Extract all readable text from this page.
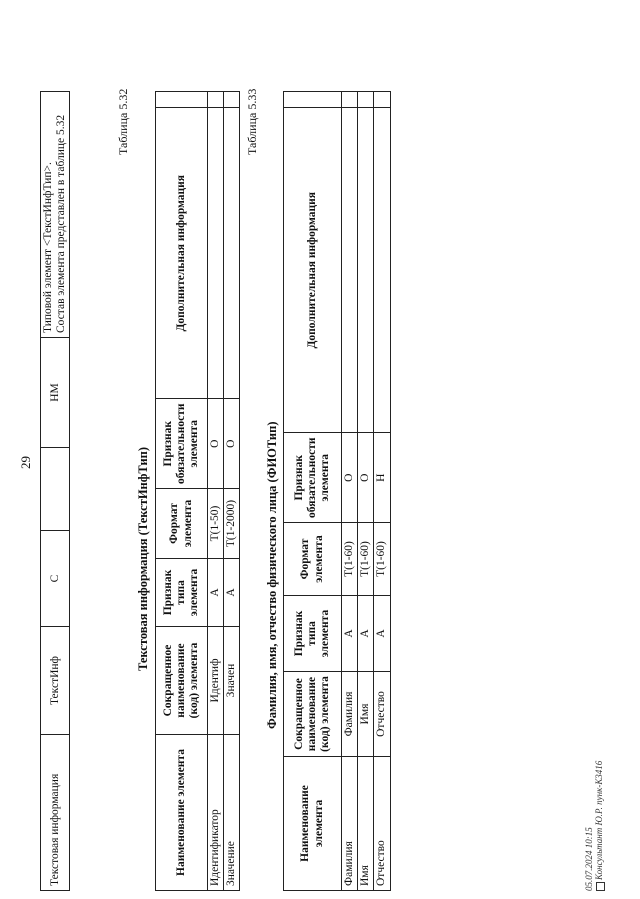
29
Текстовая информация	ТекстИнф	С		НМ	
Типовой элемент <ТекстИнфТип>. Состав элемента представлен в таблице 5.32	Таблица 5.32
Текстовая информация (ТекстИнфТип)
Наименование элемента	Сокращенное наименование (код) элемента	Признак типа элемента	Формат элемента	Признак обязательности элемента	Дополнительная информация	
Идентификатор	Идентиф	А	Т(1-50)	О		
Значение	Значен	А	Т(1-2000)	О		
Таблица 5.33
Фамилия, имя, отчество физического лица (ФИОТип)
Наименование элемента	Сокращенное наименование (код) элемента	Признак типа элемента	Формат элемента	Признак обязательности элемента	Дополнительная информация	
Фамилия	Фамилия	А	Т(1-60)	О		
Имя	Имя	А	Т(1-60)	О		
Отчество	Отчество	А	Т(1-60)	Н		
05.07.2024 10:15 Консультант Ю.Р. пунк-К3416
